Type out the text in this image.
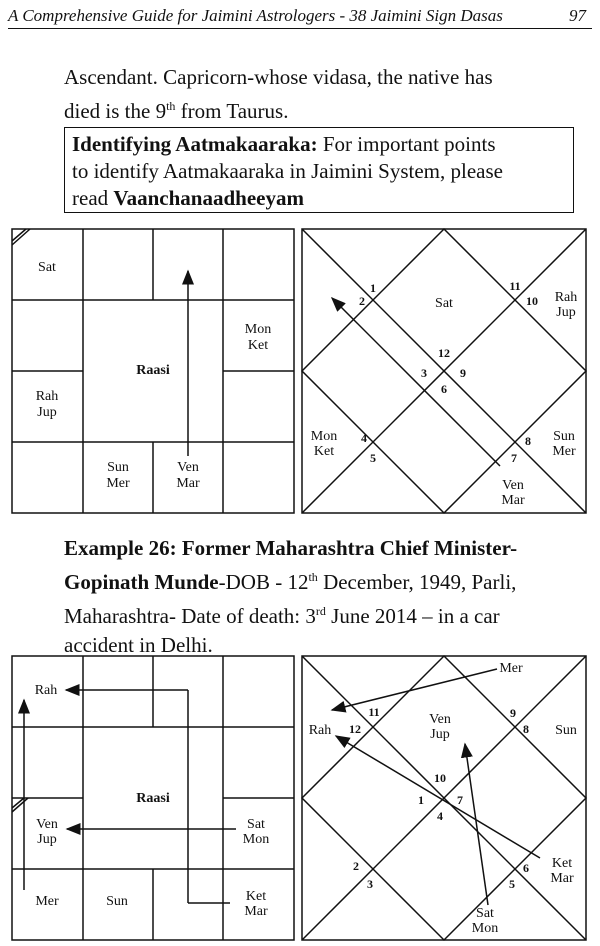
A Comprehensive Guide for Jaimini Astrologers - 38 Jaimini Sign Dasas	97
Ascendant. Capricorn-whose vidasa, the native has
died is the 9th from Taurus.
Identifying Aatmakaaraka: For important points
to identify Aatmakaaraka in Jaimini System, please
read Vaanchanaadheeyam
Sat
Mon
Ket
Raasi
Rah
Jup
Sun
Mer
Ven
Mar
1
2
3
4
5
6
7
8
9
10
11
12
Sat	Rah
Jup
Mon
Ket
Sun
Mer
Ven
Mar
Rah
Raasi
Ven
Jup
Sat
Mon
Mer	Sun	Ket
Mar
1
2
3
4
5
6
7
8
9
10
11
12
Mer
Rah
Ven
Jup	Sun
Ket
Mar
Sat
Mon
Example 26: Former Maharashtra Chief Minister-
Gopinath Munde-DOB - 12th December, 1949, Parli,
Maharashtra- Date of death: 3rd June 2014 – in a car
accident in Delhi.
